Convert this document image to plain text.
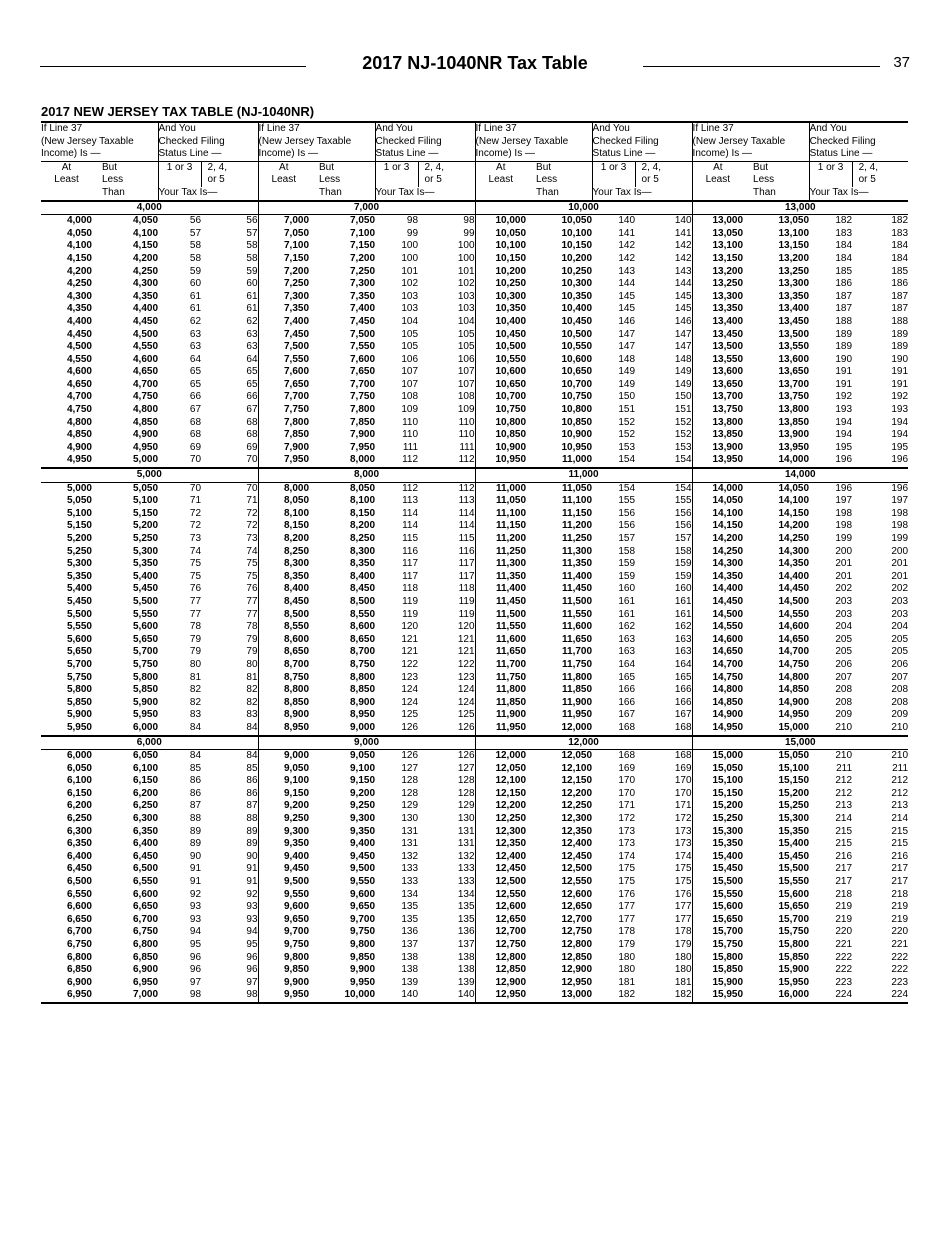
2017 NJ-1040NR Tax Table	37
2017 NEW JERSEY TAX TABLE (NJ-1040NR)
If Line 37
(New Jersey Taxable
Income) Is —		And You
Checked Filing
Status Line —		If Line 37
(New Jersey Taxable
Income) Is —		And You
Checked Filing
Status Line —		If Line 37
(New Jersey Taxable
Income) Is —		And You
Checked Filing
Status Line —		If Line 37
(New Jersey Taxable
Income) Is —		And You
Checked Filing
Status Line —	
At
Least	But
Less
Than	1 or 3	2, 4,
or 5	At
Least	But
Less
Than	1 or 3	2, 4,
or 5	At
Least	But
Less
Than	1 or 3	2, 4,
or 5	At
Least	But
Less
Than	1 or 3	2, 4,
or 5
		Your Tax Is—				Your Tax Is—				Your Tax Is—				Your Tax Is—	
4,000				7,000				10,000				13,000			
4,000	4,050	56	56	7,000	7,050	98	98	10,000	10,050	140	140	13,000	13,050	182	182
4,050	4,100	57	57	7,050	7,100	99	99	10,050	10,100	141	141	13,050	13,100	183	183
4,100	4,150	58	58	7,100	7,150	100	100	10,100	10,150	142	142	13,100	13,150	184	184
4,150	4,200	58	58	7,150	7,200	100	100	10,150	10,200	142	142	13,150	13,200	184	184
4,200	4,250	59	59	7,200	7,250	101	101	10,200	10,250	143	143	13,200	13,250	185	185
4,250	4,300	60	60	7,250	7,300	102	102	10,250	10,300	144	144	13,250	13,300	186	186
4,300	4,350	61	61	7,300	7,350	103	103	10,300	10,350	145	145	13,300	13,350	187	187
4,350	4,400	61	61	7,350	7,400	103	103	10,350	10,400	145	145	13,350	13,400	187	187
4,400	4,450	62	62	7,400	7,450	104	104	10,400	10,450	146	146	13,400	13,450	188	188
4,450	4,500	63	63	7,450	7,500	105	105	10,450	10,500	147	147	13,450	13,500	189	189
4,500	4,550	63	63	7,500	7,550	105	105	10,500	10,550	147	147	13,500	13,550	189	189
4,550	4,600	64	64	7,550	7,600	106	106	10,550	10,600	148	148	13,550	13,600	190	190
4,600	4,650	65	65	7,600	7,650	107	107	10,600	10,650	149	149	13,600	13,650	191	191
4,650	4,700	65	65	7,650	7,700	107	107	10,650	10,700	149	149	13,650	13,700	191	191
4,700	4,750	66	66	7,700	7,750	108	108	10,700	10,750	150	150	13,700	13,750	192	192
4,750	4,800	67	67	7,750	7,800	109	109	10,750	10,800	151	151	13,750	13,800	193	193
4,800	4,850	68	68	7,800	7,850	110	110	10,800	10,850	152	152	13,800	13,850	194	194
4,850	4,900	68	68	7,850	7,900	110	110	10,850	10,900	152	152	13,850	13,900	194	194
4,900	4,950	69	69	7,900	7,950	111	111	10,900	10,950	153	153	13,900	13,950	195	195
4,950	5,000	70	70	7,950	8,000	112	112	10,950	11,000	154	154	13,950	14,000	196	196
5,000				8,000				11,000				14,000			
5,000	5,050	70	70	8,000	8,050	112	112	11,000	11,050	154	154	14,000	14,050	196	196
5,050	5,100	71	71	8,050	8,100	113	113	11,050	11,100	155	155	14,050	14,100	197	197
5,100	5,150	72	72	8,100	8,150	114	114	11,100	11,150	156	156	14,100	14,150	198	198
5,150	5,200	72	72	8,150	8,200	114	114	11,150	11,200	156	156	14,150	14,200	198	198
5,200	5,250	73	73	8,200	8,250	115	115	11,200	11,250	157	157	14,200	14,250	199	199
5,250	5,300	74	74	8,250	8,300	116	116	11,250	11,300	158	158	14,250	14,300	200	200
5,300	5,350	75	75	8,300	8,350	117	117	11,300	11,350	159	159	14,300	14,350	201	201
5,350	5,400	75	75	8,350	8,400	117	117	11,350	11,400	159	159	14,350	14,400	201	201
5,400	5,450	76	76	8,400	8,450	118	118	11,400	11,450	160	160	14,400	14,450	202	202
5,450	5,500	77	77	8,450	8,500	119	119	11,450	11,500	161	161	14,450	14,500	203	203
5,500	5,550	77	77	8,500	8,550	119	119	11,500	11,550	161	161	14,500	14,550	203	203
5,550	5,600	78	78	8,550	8,600	120	120	11,550	11,600	162	162	14,550	14,600	204	204
5,600	5,650	79	79	8,600	8,650	121	121	11,600	11,650	163	163	14,600	14,650	205	205
5,650	5,700	79	79	8,650	8,700	121	121	11,650	11,700	163	163	14,650	14,700	205	205
5,700	5,750	80	80	8,700	8,750	122	122	11,700	11,750	164	164	14,700	14,750	206	206
5,750	5,800	81	81	8,750	8,800	123	123	11,750	11,800	165	165	14,750	14,800	207	207
5,800	5,850	82	82	8,800	8,850	124	124	11,800	11,850	166	166	14,800	14,850	208	208
5,850	5,900	82	82	8,850	8,900	124	124	11,850	11,900	166	166	14,850	14,900	208	208
5,900	5,950	83	83	8,900	8,950	125	125	11,900	11,950	167	167	14,900	14,950	209	209
5,950	6,000	84	84	8,950	9,000	126	126	11,950	12,000	168	168	14,950	15,000	210	210
6,000				9,000				12,000				15,000			
6,000	6,050	84	84	9,000	9,050	126	126	12,000	12,050	168	168	15,000	15,050	210	210
6,050	6,100	85	85	9,050	9,100	127	127	12,050	12,100	169	169	15,050	15,100	211	211
6,100	6,150	86	86	9,100	9,150	128	128	12,100	12,150	170	170	15,100	15,150	212	212
6,150	6,200	86	86	9,150	9,200	128	128	12,150	12,200	170	170	15,150	15,200	212	212
6,200	6,250	87	87	9,200	9,250	129	129	12,200	12,250	171	171	15,200	15,250	213	213
6,250	6,300	88	88	9,250	9,300	130	130	12,250	12,300	172	172	15,250	15,300	214	214
6,300	6,350	89	89	9,300	9,350	131	131	12,300	12,350	173	173	15,300	15,350	215	215
6,350	6,400	89	89	9,350	9,400	131	131	12,350	12,400	173	173	15,350	15,400	215	215
6,400	6,450	90	90	9,400	9,450	132	132	12,400	12,450	174	174	15,400	15,450	216	216
6,450	6,500	91	91	9,450	9,500	133	133	12,450	12,500	175	175	15,450	15,500	217	217
6,500	6,550	91	91	9,500	9,550	133	133	12,500	12,550	175	175	15,500	15,550	217	217
6,550	6,600	92	92	9,550	9,600	134	134	12,550	12,600	176	176	15,550	15,600	218	218
6,600	6,650	93	93	9,600	9,650	135	135	12,600	12,650	177	177	15,600	15,650	219	219
6,650	6,700	93	93	9,650	9,700	135	135	12,650	12,700	177	177	15,650	15,700	219	219
6,700	6,750	94	94	9,700	9,750	136	136	12,700	12,750	178	178	15,700	15,750	220	220
6,750	6,800	95	95	9,750	9,800	137	137	12,750	12,800	179	179	15,750	15,800	221	221
6,800	6,850	96	96	9,800	9,850	138	138	12,800	12,850	180	180	15,800	15,850	222	222
6,850	6,900	96	96	9,850	9,900	138	138	12,850	12,900	180	180	15,850	15,900	222	222
6,900	6,950	97	97	9,900	9,950	139	139	12,900	12,950	181	181	15,900	15,950	223	223
6,950	7,000	98	98	9,950	10,000	140	140	12,950	13,000	182	182	15,950	16,000	224	224
